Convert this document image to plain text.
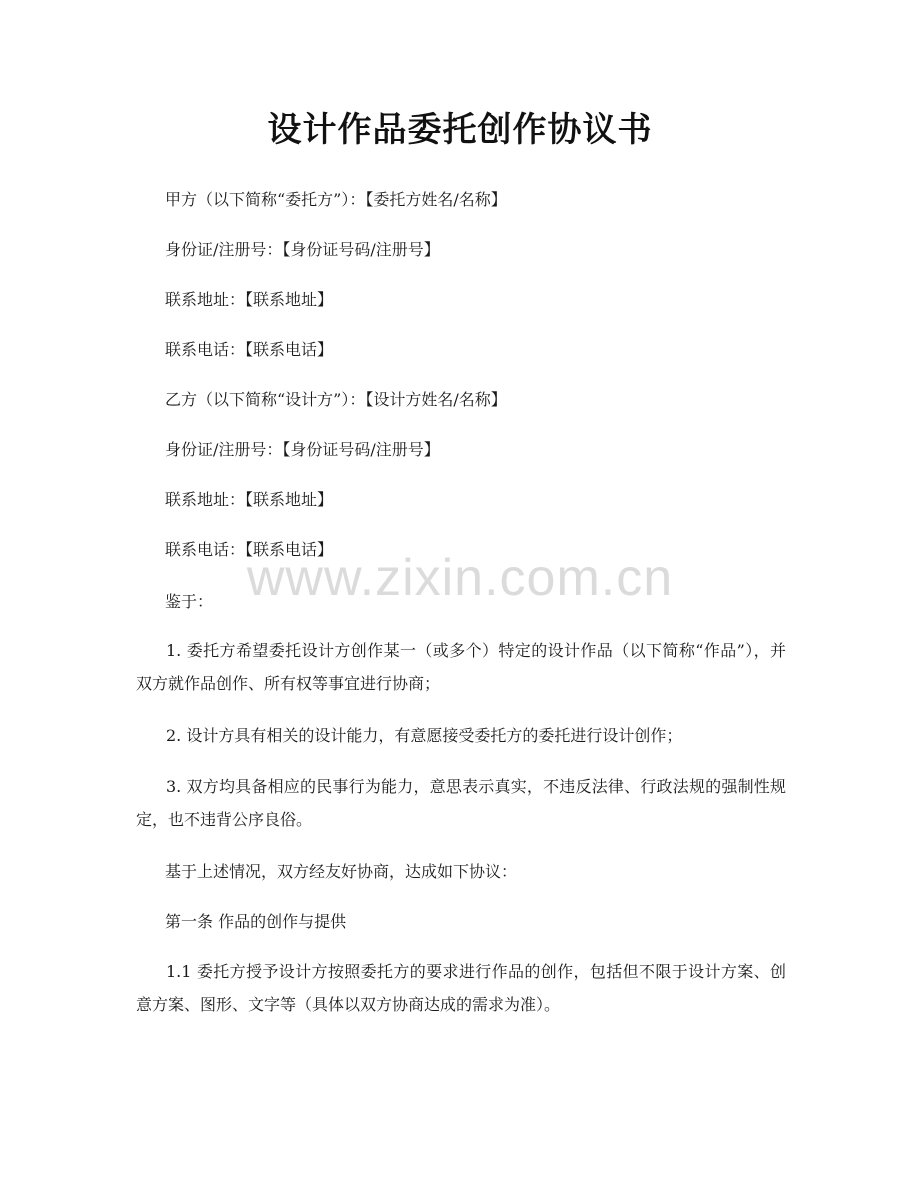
设计作品委托创作协议书
甲方（以下简称“委托方”）：【委托方姓名/名称】
身份证/注册号：【身份证号码/注册号】
联系地址：【联系地址】
联系电话：【联系电话】
乙方（以下简称“设计方”）：【设计方姓名/名称】
身份证/注册号：【身份证号码/注册号】
联系地址：【联系地址】
联系电话：【联系电话】
鉴于：
1. 委托方希望委托设计方创作某一（或多个）特定的设计作品（以下简称“作品”），并双方就作品创作、所有权等事宜进行协商；
2. 设计方具有相关的设计能力，有意愿接受委托方的委托进行设计创作；
3. 双方均具备相应的民事行为能力，意思表示真实，不违反法律、行政法规的强制性规定，也不违背公序良俗。
基于上述情况，双方经友好协商，达成如下协议：
第一条 作品的创作与提供
1.1 委托方授予设计方按照委托方的要求进行作品的创作，包括但不限于设计方案、创意方案、图形、文字等（具体以双方协商达成的需求为准）。
www.zixin.com.cn
